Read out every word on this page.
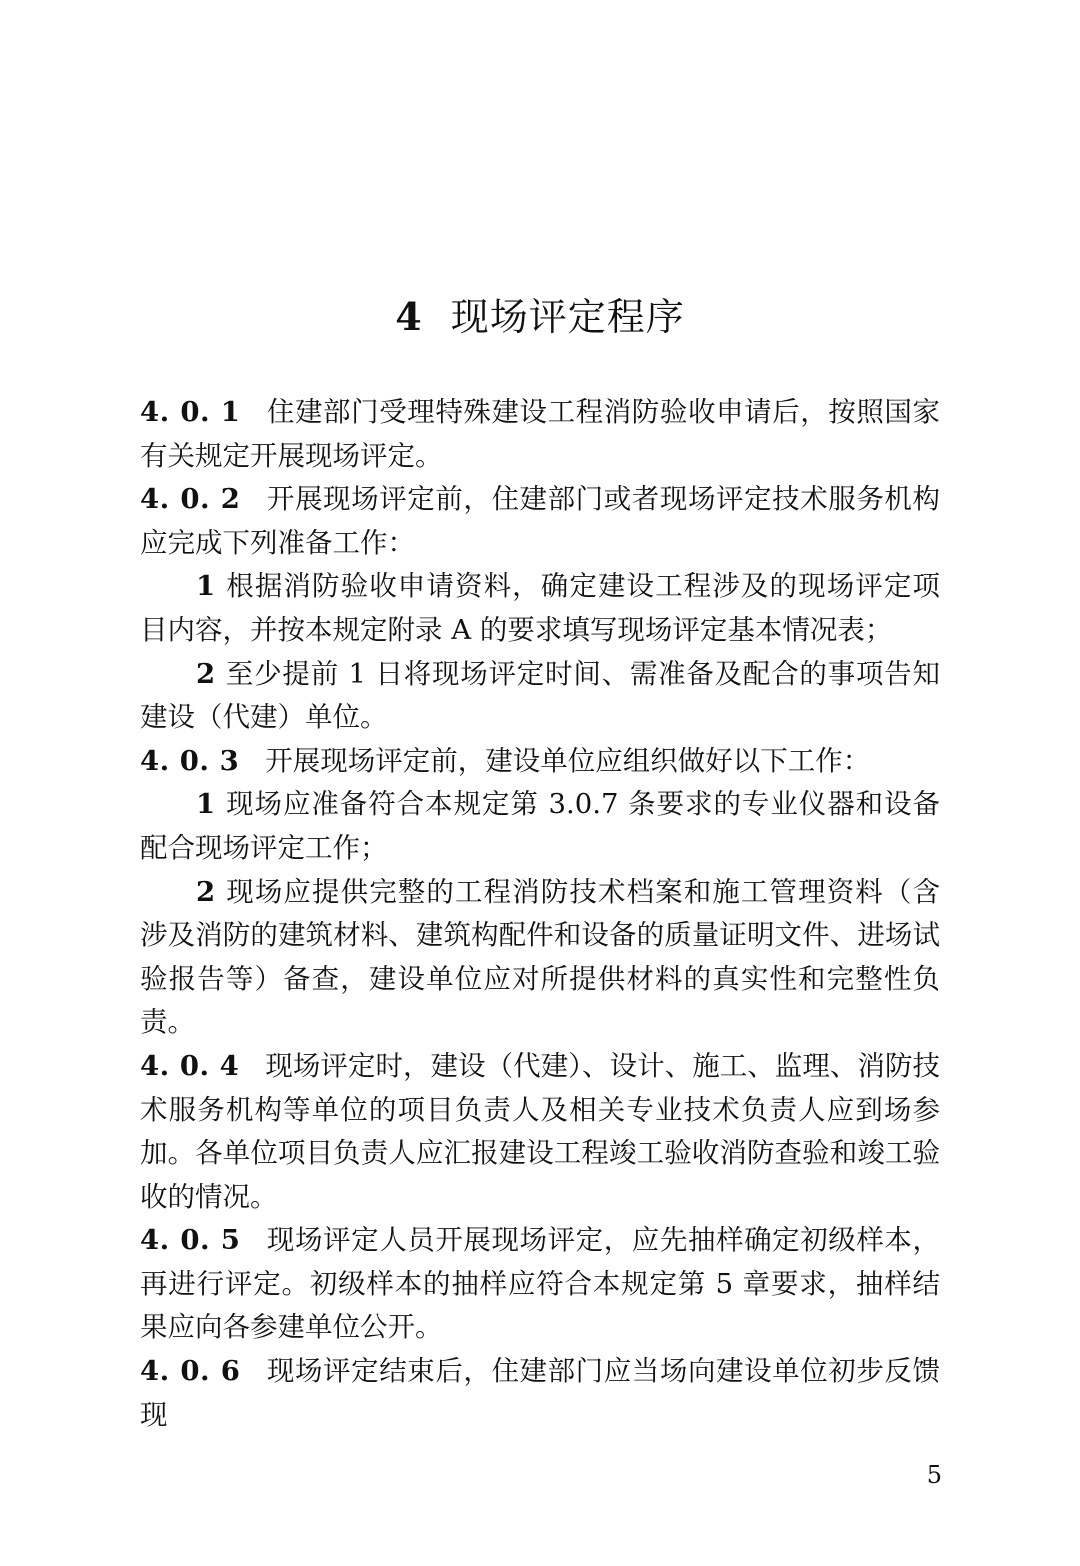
4 现场评定程序

4. 0. 1 住建部门受理特殊建设工程消防验收申请后，按照国家有关规定开展现场评定。

4. 0. 2 开展现场评定前，住建部门或者现场评定技术服务机构应完成下列准备工作：

1 根据消防验收申请资料，确定建设工程涉及的现场评定项目内容，并按本规定附录 A 的要求填写现场评定基本情况表；

2 至少提前 1 日将现场评定时间、需准备及配合的事项告知建设（代建）单位。

4. 0. 3 开展现场评定前，建设单位应组织做好以下工作：

1 现场应准备符合本规定第 3.0.7 条要求的专业仪器和设备配合现场评定工作；

2 现场应提供完整的工程消防技术档案和施工管理资料（含涉及消防的建筑材料、建筑构配件和设备的质量证明文件、进场试验报告等）备查，建设单位应对所提供材料的真实性和完整性负责。

4. 0. 4 现场评定时，建设（代建）、设计、施工、监理、消防技术服务机构等单位的项目负责人及相关专业技术负责人应到场参加。各单位项目负责人应汇报建设工程竣工验收消防查验和竣工验收的情况。

4. 0. 5 现场评定人员开展现场评定，应先抽样确定初级样本，再进行评定。初级样本的抽样应符合本规定第 5 章要求，抽样结果应向各参建单位公开。

4. 0. 6 现场评定结束后，住建部门应当场向建设单位初步反馈现

5
